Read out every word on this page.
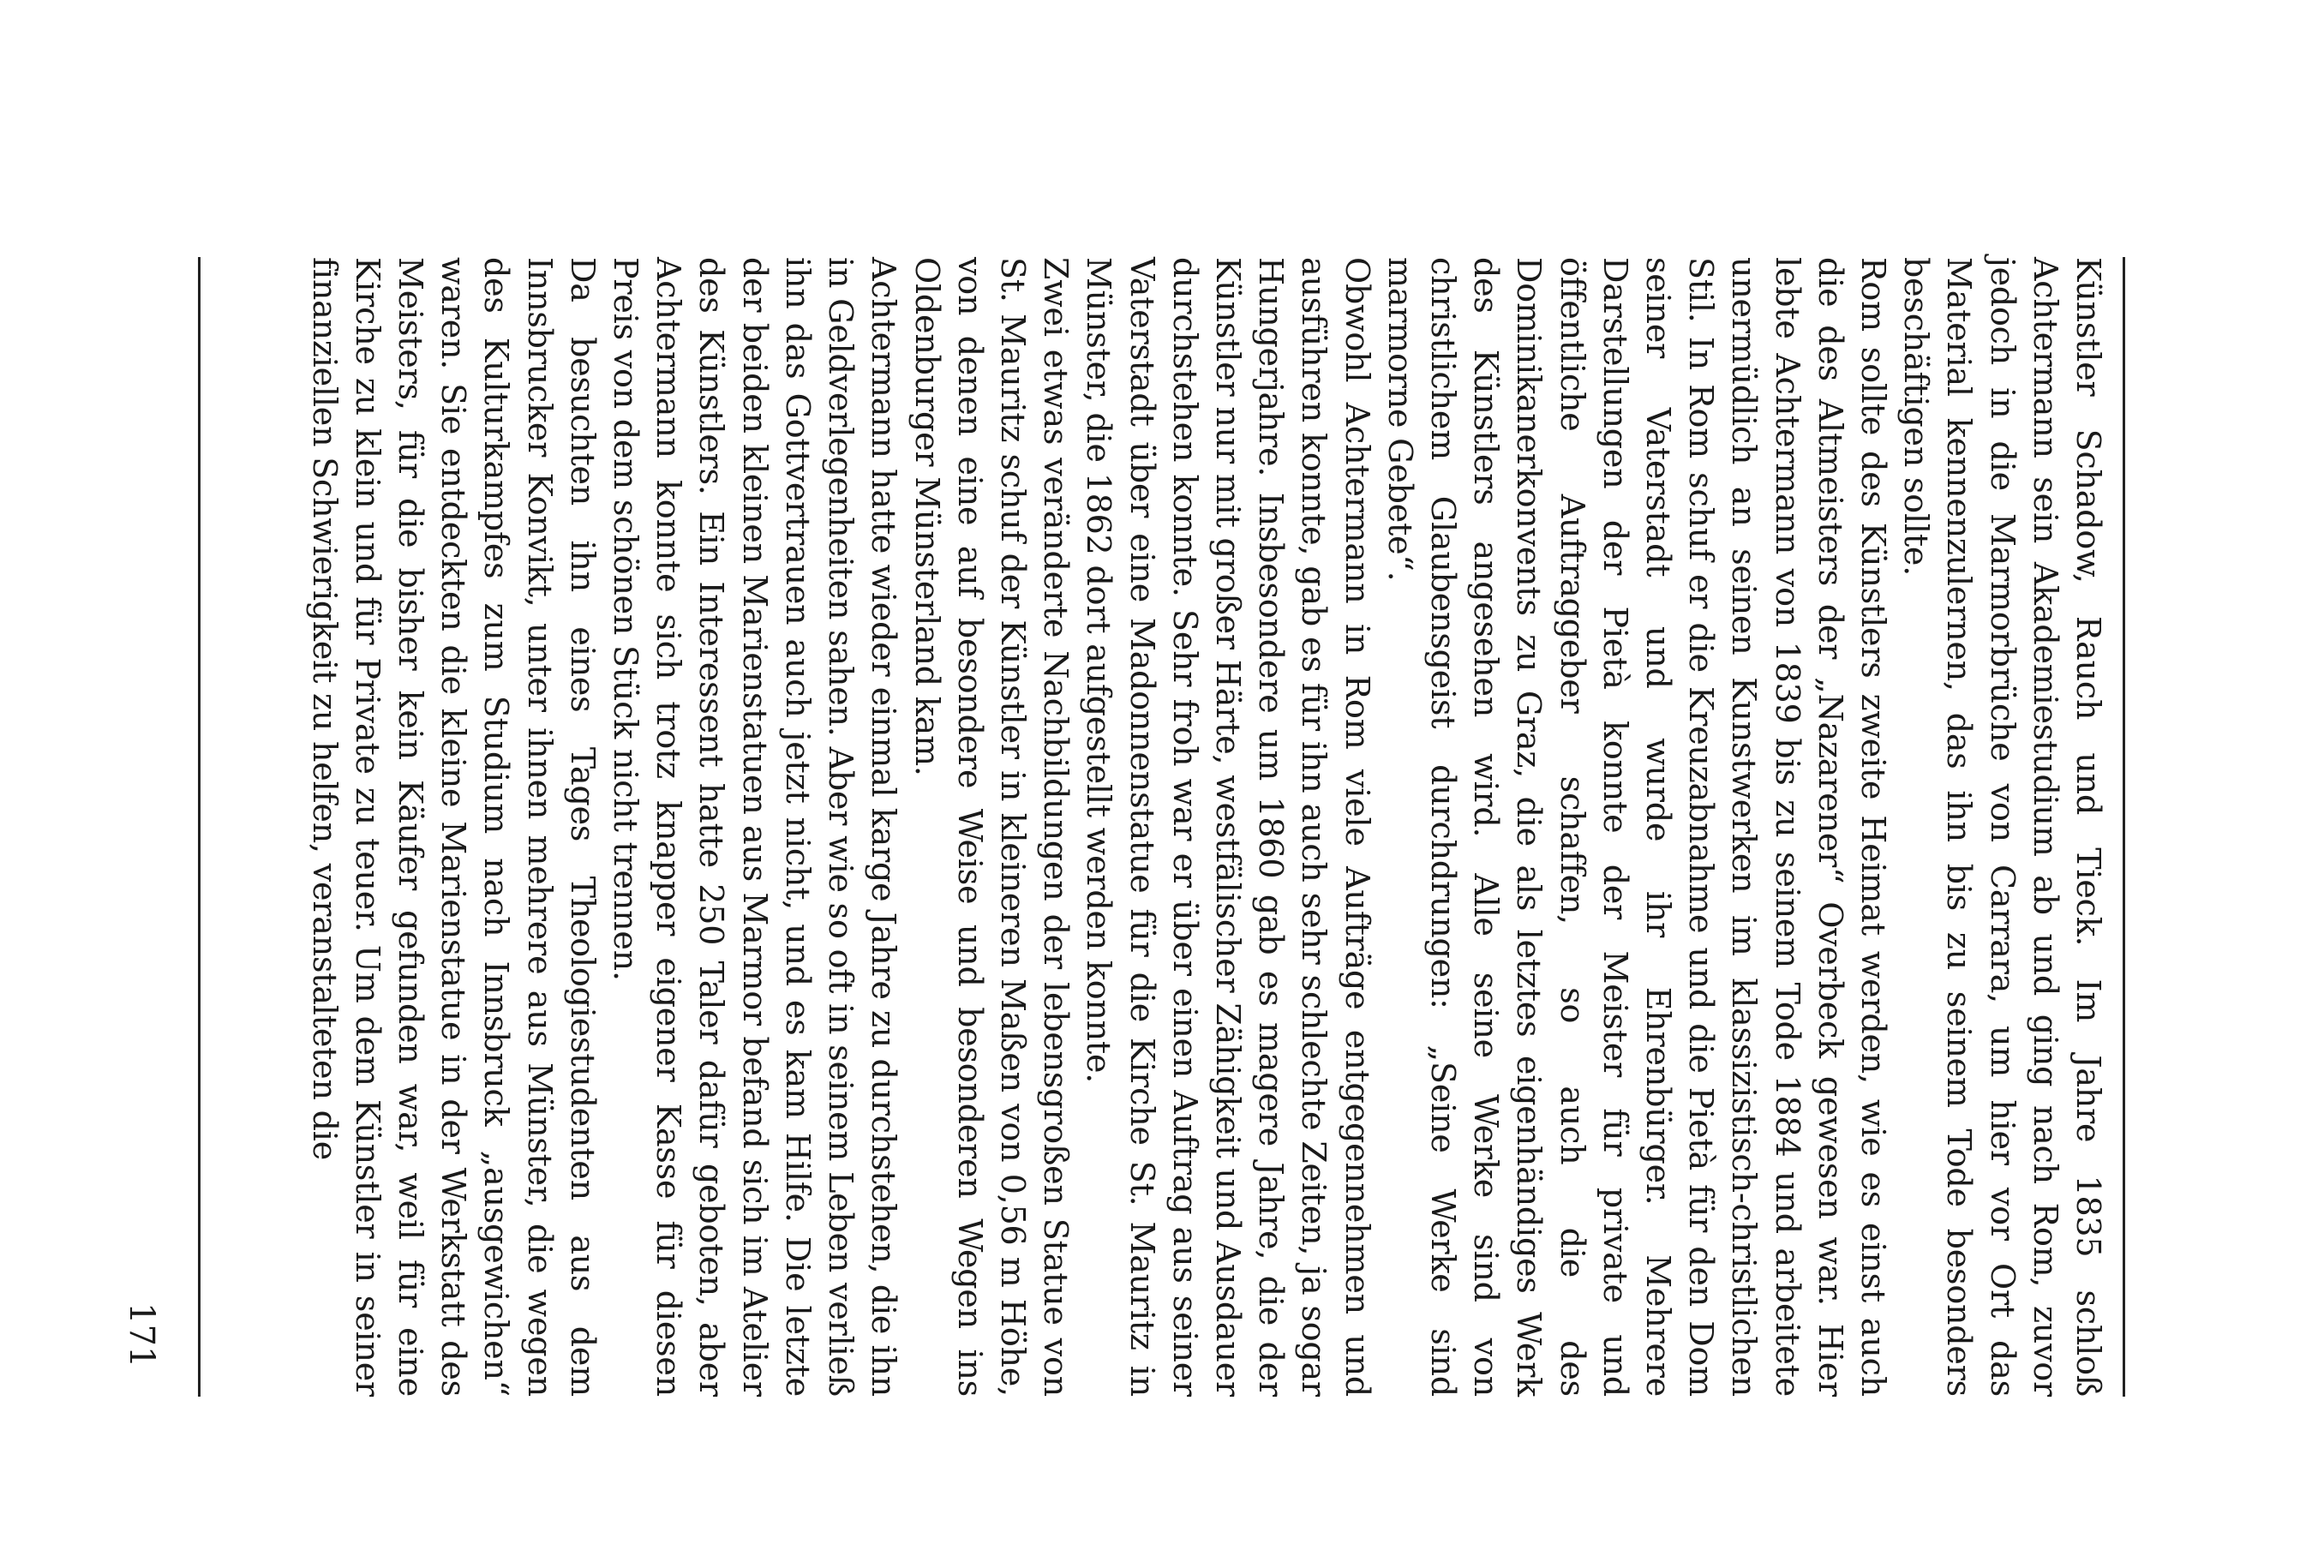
Künstler Schadow, Rauch und Tieck. Im Jahre 1835 schloß Achtermann sein Akademiestudium ab und ging nach Rom, zuvor jedoch in die Marmorbrüche von Carrara, um hier vor Ort das Material kennenzulernen, das ihn bis zu seinem Tode besonders beschäftigen sollte.

Rom sollte des Künstlers zweite Heimat werden, wie es einst auch die des Altmeisters der „Nazarener“ Overbeck gewesen war. Hier lebte Achtermann von 1839 bis zu seinem Tode 1884 und arbeitete unermüdlich an seinen Kunstwerken im klassizistisch-christlichen Stil. In Rom schuf er die Kreuzabnahme und die Pietà für den Dom seiner Vaterstadt und wurde ihr Ehrenbürger. Mehrere Darstellungen der Pietà konnte der Meister für private und öffentliche Auftraggeber schaffen, so auch die des Dominikanerkonvents zu Graz, die als letztes eigenhändiges Werk des Künstlers angesehen wird. Alle seine Werke sind von christlichem Glaubensgeist durchdrungen: „Seine Werke sind marmorne Gebete“.

Obwohl Achtermann in Rom viele Aufträge entgegennehmen und ausführen konnte, gab es für ihn auch sehr schlechte Zeiten, ja sogar Hungerjahre. Insbesondere um 1860 gab es magere Jahre, die der Künstler nur mit großer Härte, westfälischer Zähigkeit und Ausdauer durchstehen konnte. Sehr froh war er über einen Auftrag aus seiner Vaterstadt über eine Madonnenstatue für die Kirche St. Mauritz in Münster, die 1862 dort aufgestellt werden konnte.

Zwei etwas veränderte Nachbildungen der lebensgroßen Statue von St. Mauritz schuf der Künstler in kleineren Maßen von 0,56 m Höhe, von denen eine auf besondere Weise und besonderen Wegen ins Oldenburger Münsterland kam.

Achtermann hatte wieder einmal karge Jahre zu durchstehen, die ihn in Geldverlegenheiten sahen. Aber wie so oft in seinem Leben verließ ihn das Gottvertrauen auch jetzt nicht, und es kam Hilfe. Die letzte der beiden kleinen Marienstatuen aus Marmor befand sich im Atelier des Künstlers. Ein Interessent hatte 250 Taler dafür geboten, aber Achtermann konnte sich trotz knapper eigener Kasse für diesen Preis von dem schönen Stück nicht trennen.

Da besuchten ihn eines Tages Theologiestudenten aus dem Innsbrucker Konvikt, unter ihnen mehrere aus Münster, die wegen des Kulturkampfes zum Studium nach Innsbruck „ausgewichen“ waren. Sie entdeckten die kleine Marienstatue in der Werkstatt des Meisters, für die bisher kein Käufer gefunden war, weil für eine Kirche zu klein und für Private zu teuer. Um dem Künstler in seiner finanziellen Schwierigkeit zu helfen, veranstalteten die

171
